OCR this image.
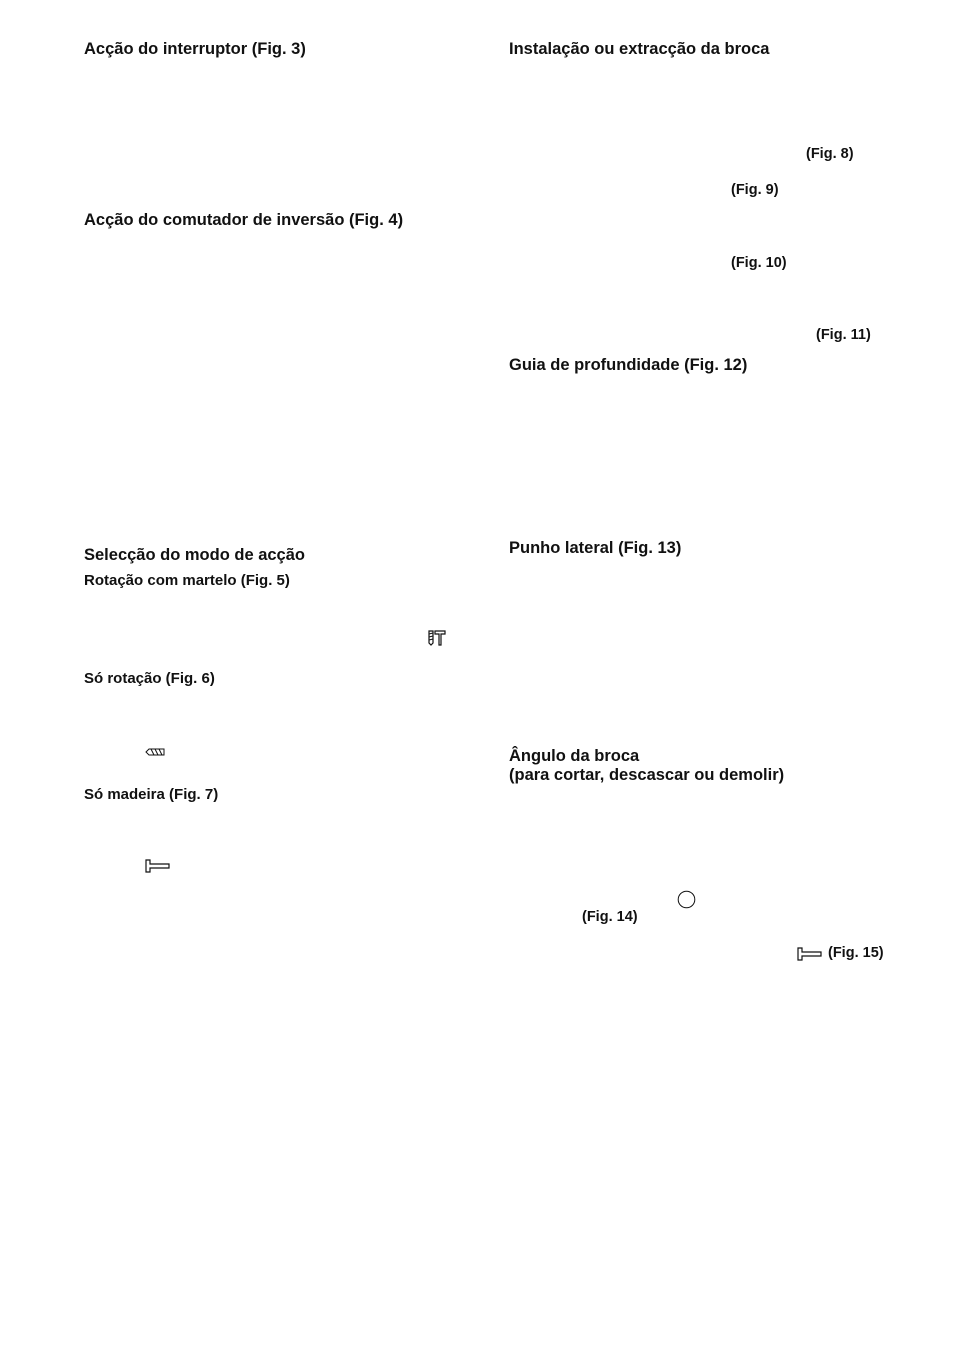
Acção do interruptor (Fig. 3)
Acção do comutador de inversão (Fig. 4)
Selecção do modo de acção
Rotação com martelo (Fig. 5)
Só rotação (Fig. 6)
Só madeira (Fig. 7)
Instalação ou extracção da broca
(Fig. 8)
(Fig. 9)
(Fig. 10)
(Fig. 11)
Guia de profundidade (Fig. 12)
Punho lateral (Fig. 13)
Ângulo da broca
(para cortar, descascar ou demolir)
(Fig. 14)
(Fig. 15)
